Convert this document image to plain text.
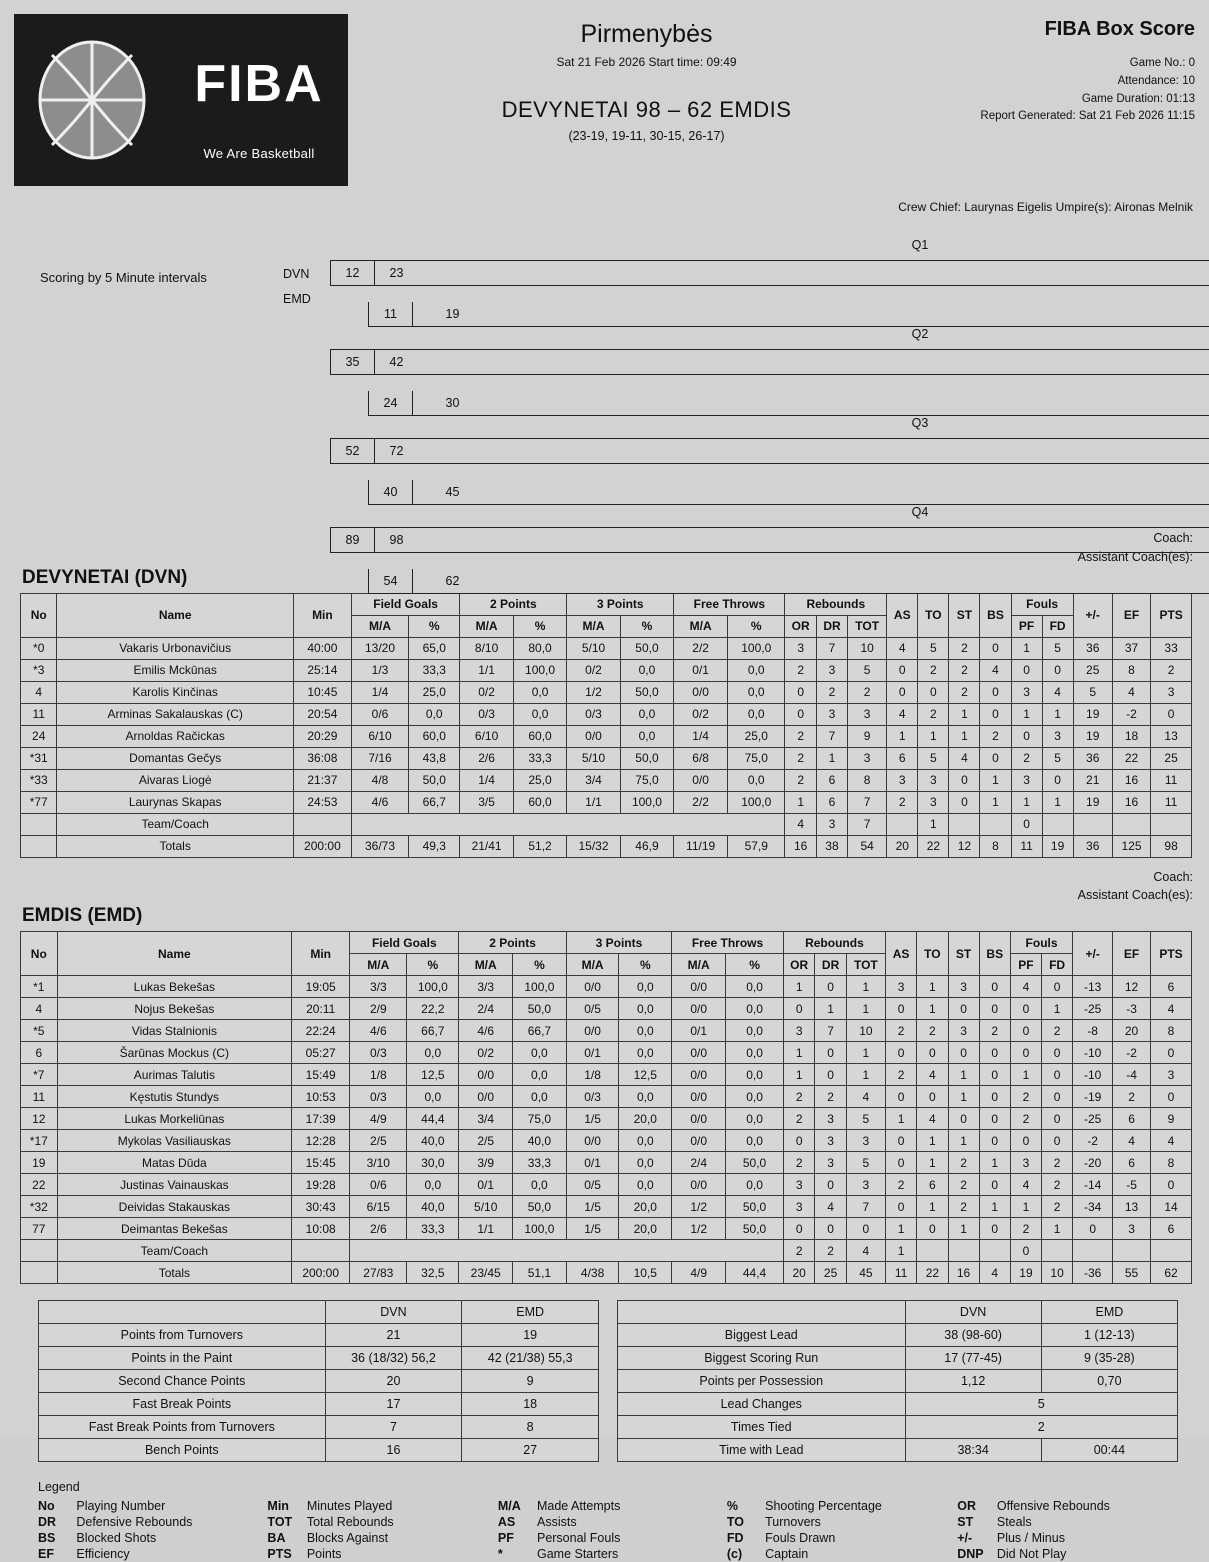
FIBA
We Are Basketball
Pirmenybės
Sat 21 Feb 2026 Start time: 09:49
DEVYNETAI 98 – 62 EMDIS
(23-19, 19-11, 30-15, 26-17)
FIBA Box Score
Game No.: 0
Attendance: 10
Game Duration: 01:13
Report Generated: Sat 21 Feb 2026 11:15
Crew Chief: Laurynas Eigelis Umpire(s): Aironas Melnik
Scoring by 5 Minute intervals	DVN
EMD
Q1
12	23
11	19

Q2
35	42
24	30

Q3
52	72
40	45

Q4
89	98
54	62
Coach:
Assistant Coach(es):
DEVYNETAI (DVN)
No	Name	Min	Field Goals		2 Points		3 Points		Free Throws		Rebounds			AS	TO	ST	BS	Fouls		+/-	EF	PTS
			M/A	%	M/A	%	M/A	%	M/A	%	OR	DR	TOT					PF	FD			
*0	Vakaris Urbonavičius	40:00	13/20	65,0	8/10	80,0	5/10	50,0	2/2	100,0	3	7	10	4	5	2	0	1	5	36	37	33
*3	Emilis Mckūnas	25:14	1/3	33,3	1/1	100,0	0/2	0,0	0/1	0,0	2	3	5	0	2	2	4	0	0	25	8	2
4	Karolis Kinčinas	10:45	1/4	25,0	0/2	0,0	1/2	50,0	0/0	0,0	0	2	2	0	0	2	0	3	4	5	4	3
11	Arminas Sakalauskas (C)	20:54	0/6	0,0	0/3	0,0	0/3	0,0	0/2	0,0	0	3	3	4	2	1	0	1	1	19	-2	0
24	Arnoldas Račickas	20:29	6/10	60,0	6/10	60,0	0/0	0,0	1/4	25,0	2	7	9	1	1	1	2	0	3	19	18	13
*31	Domantas Gečys	36:08	7/16	43,8	2/6	33,3	5/10	50,0	6/8	75,0	2	1	3	6	5	4	0	2	5	36	22	25
*33	Aivaras Liogė	21:37	4/8	50,0	1/4	25,0	3/4	75,0	0/0	0,0	2	6	8	3	3	0	1	3	0	21	16	11
*77	Laurynas Skapas	24:53	4/6	66,7	3/5	60,0	1/1	100,0	2/2	100,0	1	6	7	2	3	0	1	1	1	19	16	11
	Team/Coach										4	3	7		1			0				
	Totals	200:00	36/73	49,3	21/41	51,2	15/32	46,9	11/19	57,9	16	38	54	20	22	12	8	11	19	36	125	98
Coach:
Assistant Coach(es):
EMDIS (EMD)
No	Name	Min	Field Goals		2 Points		3 Points		Free Throws		Rebounds			AS	TO	ST	BS	Fouls		+/-	EF	PTS
			M/A	%	M/A	%	M/A	%	M/A	%	OR	DR	TOT					PF	FD			
*1	Lukas Bekešas	19:05	3/3	100,0	3/3	100,0	0/0	0,0	0/0	0,0	1	0	1	3	1	3	0	4	0	-13	12	6
4	Nojus Bekešas	20:11	2/9	22,2	2/4	50,0	0/5	0,0	0/0	0,0	0	1	1	0	1	0	0	0	1	-25	-3	4
*5	Vidas Stalnionis	22:24	4/6	66,7	4/6	66,7	0/0	0,0	0/1	0,0	3	7	10	2	2	3	2	0	2	-8	20	8
6	Šarūnas Mockus (C)	05:27	0/3	0,0	0/2	0,0	0/1	0,0	0/0	0,0	1	0	1	0	0	0	0	0	0	-10	-2	0
*7	Aurimas Talutis	15:49	1/8	12,5	0/0	0,0	1/8	12,5	0/0	0,0	1	0	1	2	4	1	0	1	0	-10	-4	3
11	Kęstutis Stundys	10:53	0/3	0,0	0/0	0,0	0/3	0,0	0/0	0,0	2	2	4	0	0	1	0	2	0	-19	2	0
12	Lukas Morkeliūnas	17:39	4/9	44,4	3/4	75,0	1/5	20,0	0/0	0,0	2	3	5	1	4	0	0	2	0	-25	6	9
*17	Mykolas Vasiliauskas	12:28	2/5	40,0	2/5	40,0	0/0	0,0	0/0	0,0	0	3	3	0	1	1	0	0	0	-2	4	4
19	Matas Dūda	15:45	3/10	30,0	3/9	33,3	0/1	0,0	2/4	50,0	2	3	5	0	1	2	1	3	2	-20	6	8
22	Justinas Vainauskas	19:28	0/6	0,0	0/1	0,0	0/5	0,0	0/0	0,0	3	0	3	2	6	2	0	4	2	-14	-5	0
*32	Deividas Stakauskas	30:43	6/15	40,0	5/10	50,0	1/5	20,0	1/2	50,0	3	4	7	0	1	2	1	1	2	-34	13	14
77	Deimantas Bekešas	10:08	2/6	33,3	1/1	100,0	1/5	20,0	1/2	50,0	0	0	0	1	0	1	0	2	1	0	3	6
	Team/Coach										2	2	4	1				0				
	Totals	200:00	27/83	32,5	23/45	51,1	4/38	10,5	4/9	44,4	20	25	45	11	22	16	4	19	10	-36	55	62
	DVN	EMD
Points from Turnovers	21	19
Points in the Paint	36 (18/32) 56,2	42 (21/38) 55,3
Second Chance Points	20	9
Fast Break Points	17	18
Fast Break Points from Turnovers	7	8
Bench Points	16	27
	DVN	EMD
Biggest Lead	38 (98-60)	1 (12-13)
Biggest Scoring Run	17 (77-45)	9 (35-28)
Points per Possession	1,12	0,70
Lead Changes	5	
Times Tied	2	
Time with Lead	38:34	00:44
Legend
No	Playing Number	Min	Minutes Played	M/A	Made Attempts	%	Shooting Percentage	OR	Offensive Rebounds
DR	Defensive Rebounds	TOT	Total Rebounds	AS	Assists	TO	Turnovers	ST	Steals
BS	Blocked Shots	BA	Blocks Against	PF	Personal Fouls	FD	Fouls Drawn	+/-	Plus / Minus
EF	Efficiency	PTS	Points	*	Game Starters	(c)	Captain	DNP	Did Not Play
